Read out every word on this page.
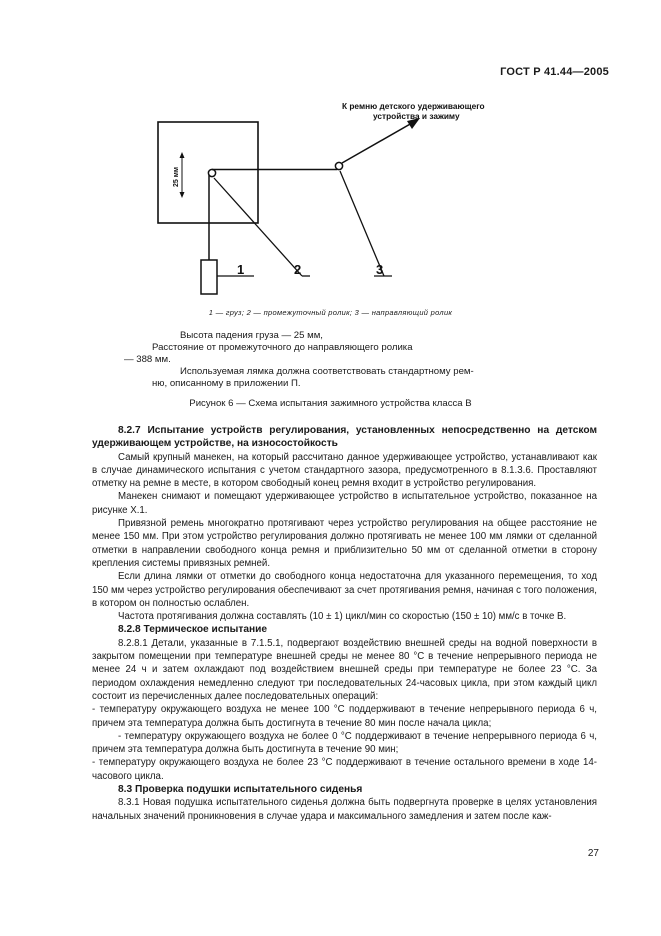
ГОСТ Р 41.44—2005
25 мм
К ремню детского удерживающего
устройства и зажиму
1	2	3
1 — груз; 2 — промежуточный ролик; 3 — направляющий ролик

Высота падения груза — 25 мм,

Расстояние от промежуточного до направляющего ролика

— 388 мм.

Используемая лямка должна соответствовать стандартному рем-

ню, описанному в приложении П.

Рисунок 6 — Схема испытания зажимного устройства класса В

8.2.7 Испытание устройств регулирования, установленных непосредственно на детском удерживающем устройстве, на износостойкость

Самый крупный манекен, на который рассчитано данное удерживающее устройство, устанавливают как в случае динамического испытания с учетом стандартного зазора, предусмотренного в 8.1.3.6. Проставляют отметку на ремне в месте, в котором свободный конец ремня входит в устройство регулирования.

Манекен снимают и помещают удерживающее устройство в испытательное устройство, показанное на рисунке Х.1.

Привязной ремень многократно протягивают через устройство регулирования на общее расстояние не менее 150 мм. При этом устройство регулирования должно протягивать не менее 100 мм лямки от сделанной отметки в направлении свободного конца ремня и приблизительно 50 мм от сделанной отметки в сторону крепления системы привязных ремней.

Если длина лямки от отметки до свободного конца недостаточна для указанного перемещения, то ход 150 мм через устройство регулирования обеспечивают за счет протягивания ремня, начиная с того положения, в котором он полностью ослаблен.

Частота протягивания должна составлять (10 ± 1) цикл/мин со скоростью (150 ± 10) мм/с в точке В.

8.2.8 Термическое испытание

8.2.8.1 Детали, указанные в 7.1.5.1, подвергают воздействию внешней среды на водной поверхности в закрытом помещении при температуре внешней среды не менее 80 °С в течение непрерывного периода не менее 24 ч и затем охлаждают под воздействием внешней среды при температуре не более 23 °С. За периодом охлаждения немедленно следуют три последовательных 24-часовых цикла, при этом каждый цикл состоит из перечисленных далее последовательных операций:

- температуру окружающего воздуха не менее 100 °С поддерживают в течение непрерывного периода 6 ч, причем эта температура должна быть достигнута в течение 80 мин после начала цикла;

- температуру окружающего воздуха не более 0 °С поддерживают в течение непрерывного периода 6 ч, причем эта температура должна быть достигнута в течение 90 мин;

- температуру окружающего воздуха не более 23 °С поддерживают в течение остального времени в ходе 14-часового цикла.

8.3 Проверка подушки испытательного сиденья

8.3.1 Новая подушка испытательного сиденья должна быть подвергнута проверке в целях установления начальных значений проникновения в случае удара и максимального замедления и затем после каж-

27
